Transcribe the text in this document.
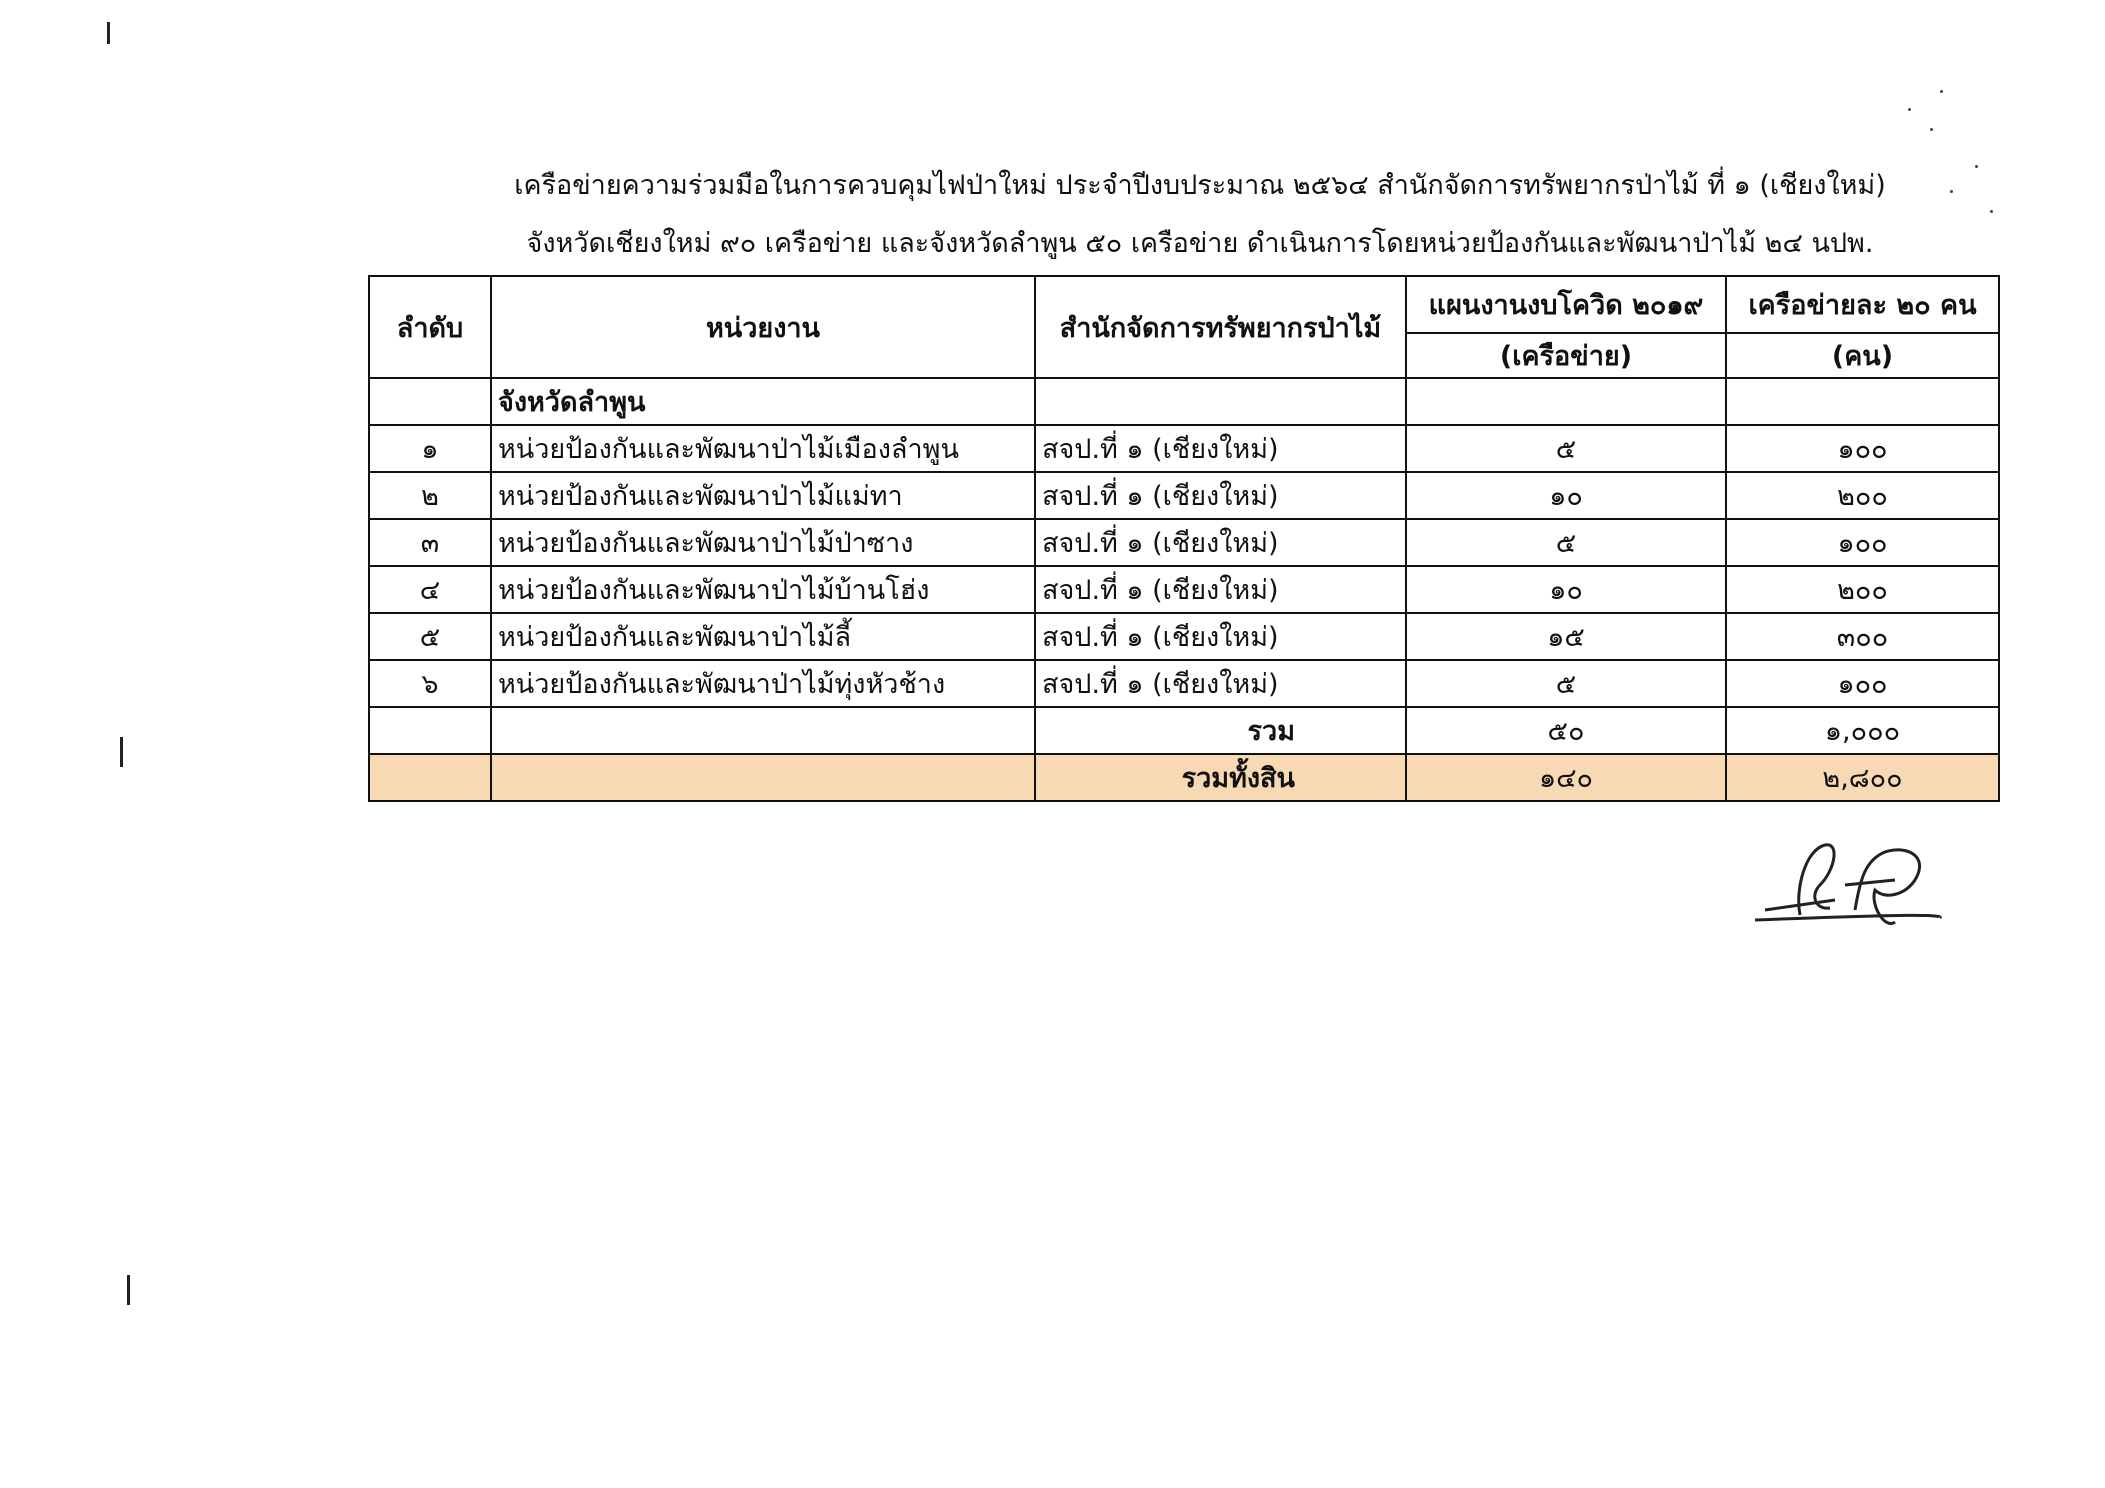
เครือข่ายความร่วมมือในการควบคุมไฟป่าใหม่ ประจำปีงบประมาณ ๒๕๖๔ สำนักจัดการทรัพยากรป่าไม้ ที่ ๑ (เชียงใหม่)
จังหวัดเชียงใหม่ ๙๐ เครือข่าย และจังหวัดลำพูน ๕๐ เครือข่าย ดำเนินการโดยหน่วยป้องกันและพัฒนาป่าไม้ ๒๔ นปพ.
ลำดับ	หน่วยงาน	สำนักจัดการทรัพยากรป่าไม้	แผนงานงบโควิด ๒๐๑๙	เครือข่ายละ ๒๐ คน
			(เครือข่าย)	(คน)
	จังหวัดลำพูน			
๑	หน่วยป้องกันและพัฒนาป่าไม้เมืองลำพูน	สจป.ที่ ๑ (เชียงใหม่)	๕	๑๐๐
๒	หน่วยป้องกันและพัฒนาป่าไม้แม่ทา	สจป.ที่ ๑ (เชียงใหม่)	๑๐	๒๐๐
๓	หน่วยป้องกันและพัฒนาป่าไม้ป่าซาง	สจป.ที่ ๑ (เชียงใหม่)	๕	๑๐๐
๔	หน่วยป้องกันและพัฒนาป่าไม้บ้านโฮ่ง	สจป.ที่ ๑ (เชียงใหม่)	๑๐	๒๐๐
๕	หน่วยป้องกันและพัฒนาป่าไม้ลี้	สจป.ที่ ๑ (เชียงใหม่)	๑๕	๓๐๐
๖	หน่วยป้องกันและพัฒนาป่าไม้ทุ่งหัวช้าง	สจป.ที่ ๑ (เชียงใหม่)	๕	๑๐๐
		รวม	๕๐	๑,๐๐๐
		รวมทั้งสิน	๑๔๐	๒,๘๐๐
